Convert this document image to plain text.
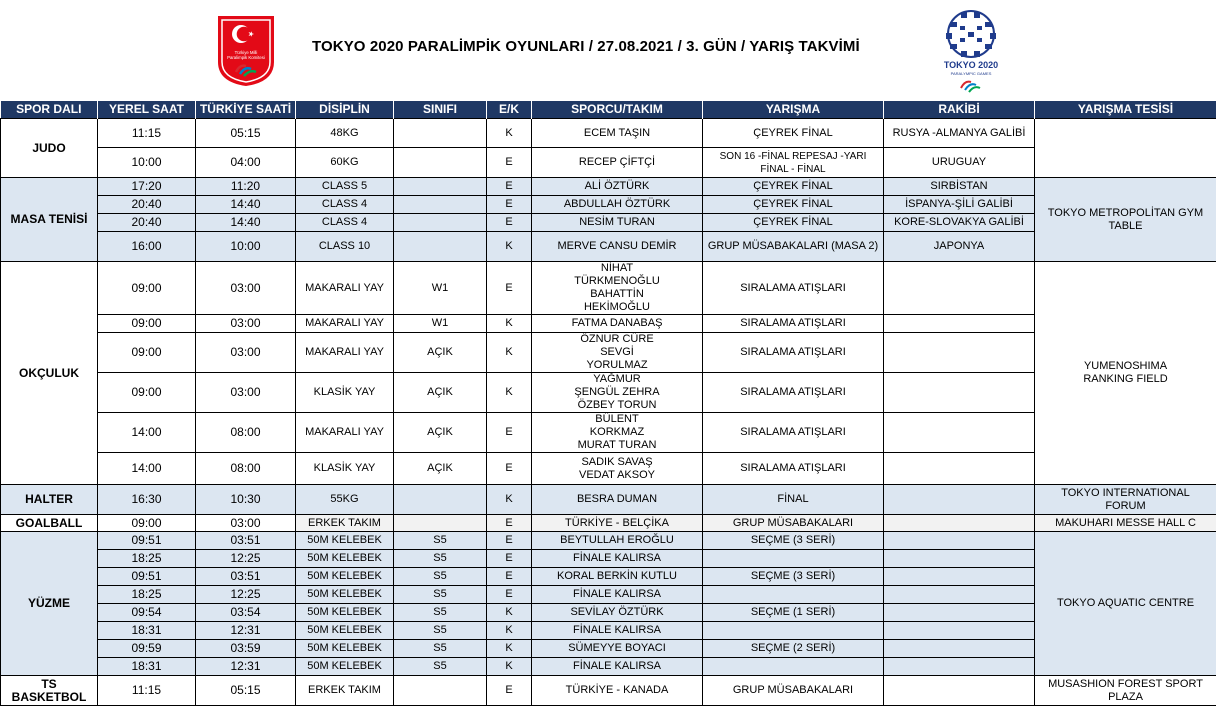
Türkiye Milli
Paralimpik Komitesi
TOKYO 2020 PARALİMPİK OYUNLARI / 27.08.2021 / 3. GÜN / YARIŞ TAKVİMİ
TOKYO 2020
PARALYMPIC GAMES
SPOR DALI	YEREL SAAT	TÜRKİYE SAATİ	DİSİPLİN	SINIFI	E/K	SPORCU/TAKIM	YARIŞMA	RAKİBİ	YARIŞMA TESİSİ
JUDO	11:15	05:15	48KG		K	ECEM TAŞIN	ÇEYREK FİNAL	RUSYA -ALMANYA GALİBİ	
	10:00	04:00	60KG		E	RECEP ÇİFTÇİ	SON 16 -FİNAL REPESAJ -YARI FİNAL - FİNAL	URUGUAY	
MASA TENİSİ	17:20	11:20	CLASS 5		E	ALİ ÖZTÜRK	ÇEYREK FİNAL	SIRBİSTAN	TOKYO METROPOLİTAN GYM TABLE
	20:40	14:40	CLASS 4		E	ABDULLAH ÖZTÜRK	ÇEYREK FİNAL	İSPANYA-ŞİLİ GALİBİ	
	20:40	14:40	CLASS 4		E	NESİM TURAN	ÇEYREK FİNAL	KORE-SLOVAKYA GALİBİ	
	16:00	10:00	CLASS 10		K	MERVE CANSU DEMİR	GRUP MÜSABAKALARI (MASA 2)	JAPONYA	
OKÇULUK	09:00	03:00	MAKARALI YAY	W1	E	NİHAT TÜRKMENOĞLU BAHATTİN HEKİMOĞLU	SIRALAMA ATIŞLARI		YUMENOSHIMA RANKING FIELD
	09:00	03:00	MAKARALI YAY	W1	K	FATMA DANABAŞ	SIRALAMA ATIŞLARI		
	09:00	03:00	MAKARALI YAY	AÇIK	K	ÖZNUR CÜRE SEVGİ YORULMAZ	SIRALAMA ATIŞLARI		
	09:00	03:00	KLASİK YAY	AÇIK	K	YAĞMUR ŞENGÜL ZEHRA ÖZBEY TORUN	SIRALAMA ATIŞLARI		
	14:00	08:00	MAKARALI YAY	AÇIK	E	BÜLENT KORKMAZ MURAT TURAN	SIRALAMA ATIŞLARI		
	14:00	08:00	KLASİK YAY	AÇIK	E	SADIK SAVAŞ VEDAT AKSOY	SIRALAMA ATIŞLARI		
HALTER	16:30	10:30	55KG		K	BESRA DUMAN	FİNAL		TOKYO INTERNATIONAL FORUM
GOALBALL	09:00	03:00	ERKEK TAKIM		E	TÜRKİYE - BELÇİKA	GRUP MÜSABAKALARI		MAKUHARI MESSE HALL C
YÜZME	09:51	03:51	50M KELEBEK	S5	E	BEYTULLAH EROĞLU	SEÇME (3 SERİ)		TOKYO AQUATIC CENTRE
	18:25	12:25	50M KELEBEK	S5	E	FİNALE KALIRSA			
	09:51	03:51	50M KELEBEK	S5	E	KORAL BERKİN KUTLU	SEÇME (3 SERİ)		
	18:25	12:25	50M KELEBEK	S5	E	FİNALE KALIRSA			
	09:54	03:54	50M KELEBEK	S5	K	SEVİLAY ÖZTÜRK	SEÇME (1 SERİ)		
	18:31	12:31	50M KELEBEK	S5	K	FİNALE KALIRSA			
	09:59	03:59	50M KELEBEK	S5	K	SÜMEYYE BOYACI	SEÇME (2 SERİ)		
	18:31	12:31	50M KELEBEK	S5	K	FİNALE KALIRSA			
TS BASKETBOL	11:15	05:15	ERKEK TAKIM		E	TÜRKİYE - KANADA	GRUP MÜSABAKALARI		MUSASHION FOREST SPORT PLAZA
